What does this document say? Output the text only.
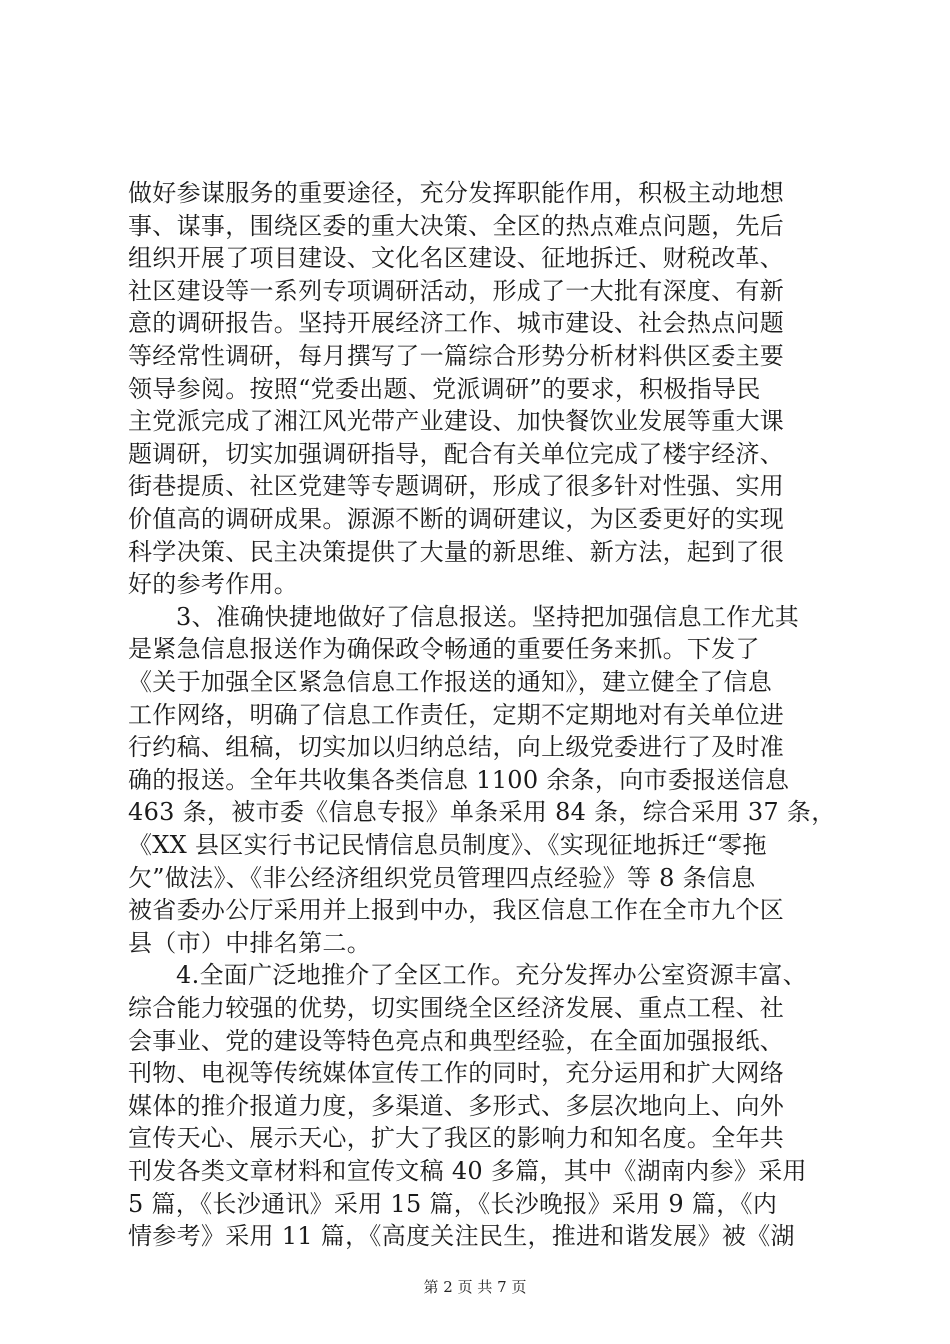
做好参谋服务的重要途径，充分发挥职能作用，积极主动地想
事、谋事，围绕区委的重大决策、全区的热点难点问题，先后
组织开展了项目建设、文化名区建设、征地拆迁、财税改革、
社区建设等一系列专项调研活动，形成了一大批有深度、有新
意的调研报告。坚持开展经济工作、城市建设、社会热点问题
等经常性调研，每月撰写了一篇综合形势分析材料供区委主要
领导参阅。按照“党委出题、党派调研”的要求，积极指导民
主党派完成了湘江风光带产业建设、加快餐饮业发展等重大课
题调研，切实加强调研指导，配合有关单位完成了楼宇经济、
街巷提质、社区党建等专题调研，形成了很多针对性强、实用
价值高的调研成果。源源不断的调研建议，为区委更好的实现
科学决策、民主决策提供了大量的新思维、新方法，起到了很
好的参考作用。
3、准确快捷地做好了信息报送。坚持把加强信息工作尤其
是紧急信息报送作为确保政令畅通的重要任务来抓。下发了
《关于加强全区紧急信息工作报送的通知》，建立健全了信息
工作网络，明确了信息工作责任，定期不定期地对有关单位进
行约稿、组稿，切实加以归纳总结，向上级党委进行了及时准
确的报送。全年共收集各类信息 1100 余条，向市委报送信息
463 条，被市委《信息专报》单条采用 84 条，综合采用 37 条，
《XX 县区实行书记民情信息员制度》、《实现征地拆迁“零拖
欠”做法》、《非公经济组织党员管理四点经验》等 8 条信息
被省委办公厅采用并上报到中办，我区信息工作在全市九个区
县（市）中排名第二。
4.全面广泛地推介了全区工作。充分发挥办公室资源丰富、
综合能力较强的优势，切实围绕全区经济发展、重点工程、社
会事业、党的建设等特色亮点和典型经验，在全面加强报纸、
刊物、电视等传统媒体宣传工作的同时，充分运用和扩大网络
媒体的推介报道力度，多渠道、多形式、多层次地向上、向外
宣传天心、展示天心，扩大了我区的影响力和知名度。全年共
刊发各类文章材料和宣传文稿 40 多篇，其中《湖南内参》采用
5 篇，《长沙通讯》采用 15 篇，《长沙晚报》采用 9 篇，《内
情参考》采用 11 篇，《高度关注民生，推进和谐发展》被《湖
第 2 页 共 7 页
